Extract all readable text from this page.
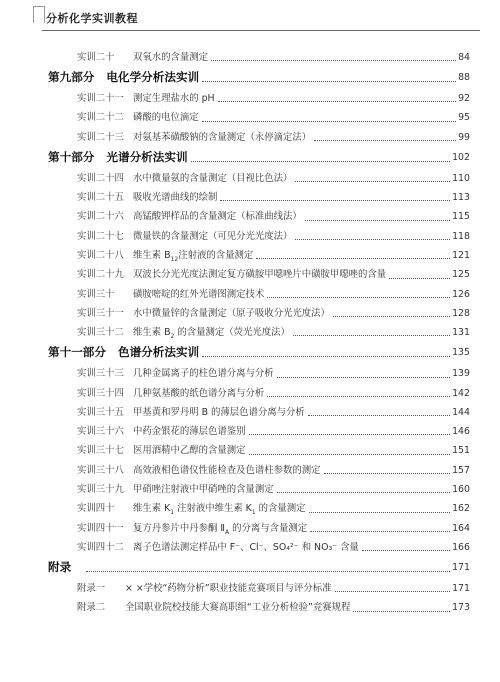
分析化学实训教程
实训二十	双氧水的含量测定	84
第九部分 电化学分析法实训	88
实训二十一 测定生理盐水的 pH	92
实训二十二 磷酸的电位滴定	95
实训二十三 对氨基苯磺酸钠的含量测定（永停滴定法）	99
第十部分 光谱分析法实训	102
实训二十四 水中微量氨的含量测定（目视比色法）	110
实训二十五 吸收光谱曲线的绘制	113
实训二十六 高锰酸钾样品的含量测定（标准曲线法）	115
实训二十七 微量铁的含量测定（可见分光光度法）	118
实训二十八 维生素 $B_{12}$注射液的含量测定	121
实训二十九 双波长分光光度法测定复方磺胺甲噁唑片中磺胺甲噁唑的含量	125
实训三十	磺胺嘧啶的红外光谱图测定技术	126
实训三十一 水中微量锌的含量测定（原子吸收分光光度法）	128
实训三十二 维生素 $B_2$ 的含量测定（荧光光度法）	131
第十一部分 色谱分析法实训	135
实训三十三 几种金属离子的柱色谱分离与分析	139
实训三十四 几种氨基酸的纸色谱分离与分析	142
实训三十五 甲基黄和罗丹明 B 的薄层色谱分离与分析	144
实训三十六 中药金银花的薄层色谱鉴别	146
实训三十七 医用酒精中乙醇的含量测定	151
实训三十八 高效液相色谱仪性能检查及色谱柱参数的测定	157
实训三十九 甲硝唑注射液中甲硝唑的含量测定	160
实训四十	维生素 $K_1$ 注射液中维生素 $K_1$ 的含量测定	162
实训四十一 复方丹参片中丹参酮 $Ⅱ_A$ 的分离与含量测定	164
实训四十二 离子色谱法测定样品中 F⁻、Cl⁻、SO₄²⁻ 和 NO₃⁻ 含量	166
附录	171
附录一	× ×学校“药物分析”职业技能竞赛项目与评分标准	171
附录二	全国职业院校技能大赛高职组“工业分析检验”竞赛规程	173
